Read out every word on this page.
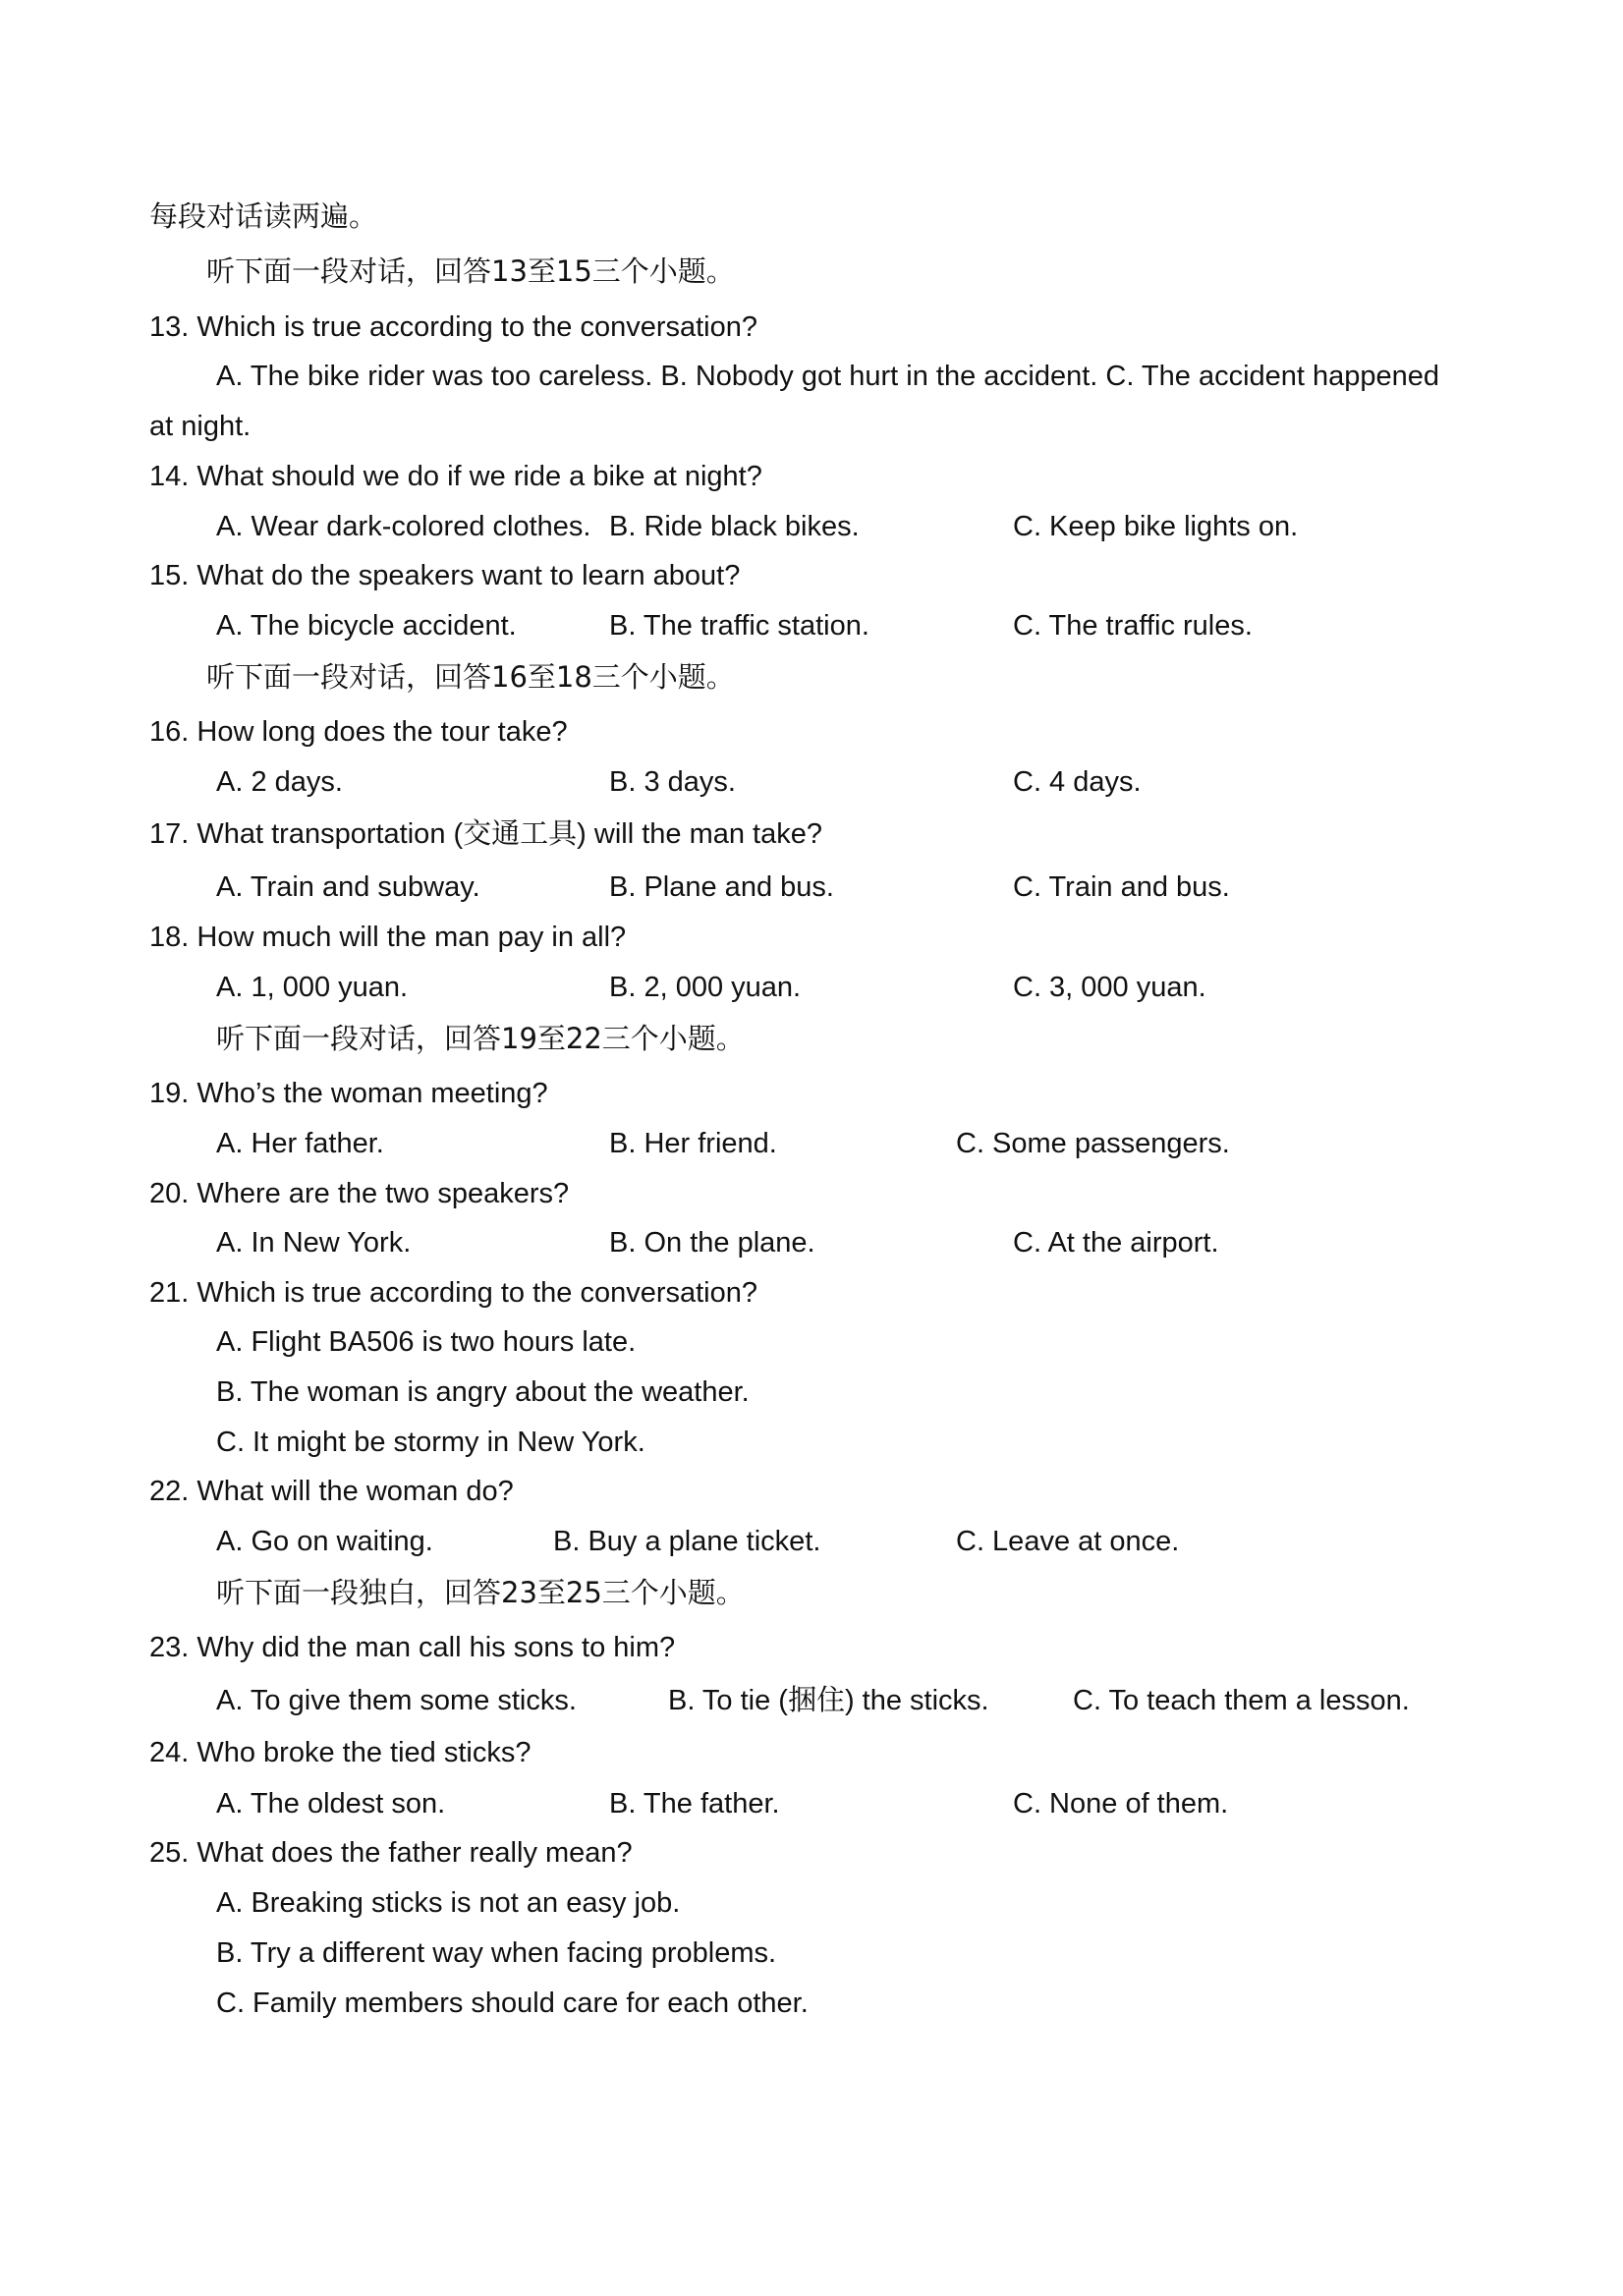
每段对话读两遍。
听下面一段对话，回答13至15三个小题。
13. Which is true according to the conversation?
A. The bike rider was too careless. B. Nobody got hurt in the accident. C. The accident happened
at night.
14. What should we do if we ride a bike at night?
A. Wear dark-colored clothes. B. Ride black bikes.	C. Keep bike lights on.
15. What do the speakers want to learn about?
A. The bicycle accident.	B. The traffic station.	C. The traffic rules.
听下面一段对话，回答16至18三个小题。
16. How long does the tour take?
A. 2 days.	B. 3 days.	C. 4 days.
17. What transportation (交通工具) will the man take?
A. Train and subway.	B. Plane and bus.	C. Train and bus.
18. How much will the man pay in all?
A. 1, 000 yuan.	B. 2, 000 yuan.	C. 3, 000 yuan.
听下面一段对话，回答19至22三个小题。
19. Who’s the woman meeting?
A. Her father.	B. Her friend.	C. Some passengers.
20. Where are the two speakers?
A. In New York.	B. On the plane.	C. At the airport.
21. Which is true according to the conversation?
A. Flight BA506 is two hours late.
B. The woman is angry about the weather.
C. It might be stormy in New York.
22. What will the woman do?
A. Go on waiting.	B. Buy a plane ticket.	C. Leave at once.
听下面一段独白，回答23至25三个小题。
23. Why did the man call his sons to him?
A. To give them some sticks.	B. To tie (捆住) the sticks.	C. To teach them a lesson.
24. Who broke the tied sticks?
A. The oldest son.	B. The father.	C. None of them.
25. What does the father really mean?
A. Breaking sticks is not an easy job.
B. Try a different way when facing problems.
C. Family members should care for each other.
